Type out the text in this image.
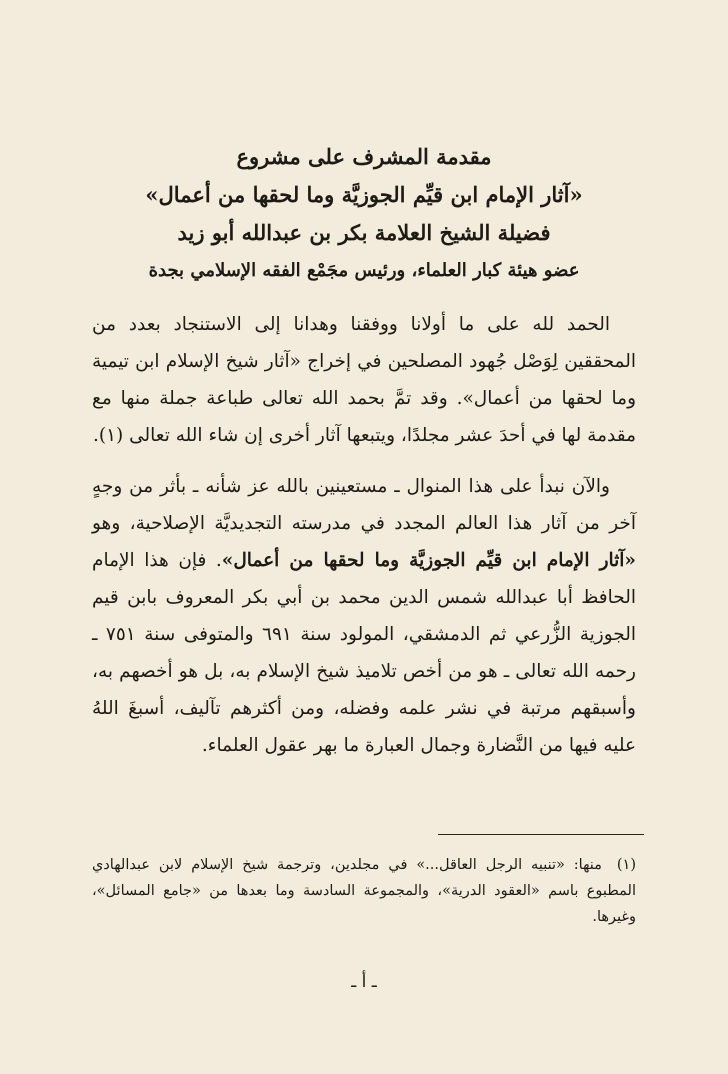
مقدمة المشرف على مشروع

«آثار الإمام ابن قيِّم الجوزيَّة وما لحقها من أعمال»

فضيلة الشيخ العلامة بكر بن عبدالله أبو زيد

عضو هيئة كبار العلماء، ورئيس مجَمْع الفقه الإسلامي بجدة

الحمد لله على ما أولانا ووفقنا وهدانا إلى الاستنجاد بعدد من المحققين لِوَصْل جُهود المصلحين في إخراج «آثار شيخ الإسلام ابن تيمية وما لحقها من أعمال». وقد تمَّ بحمد الله تعالى طباعة جملة منها مع مقدمة لها في أحدَ عشر مجلدًا، ويتبعها آثار أخرى إن شاء الله تعالى (١).

والآن نبدأ على هذا المنوال ـ مستعينين بالله عز شأنه ـ بأثر من وجهٍ آخر من آثار هذا العالم المجدد في مدرسته التجديديَّة الإصلاحية، وهو «آثار الإمام ابن قيِّم الجوزيَّة وما لحقها من أعمال». فإن هذا الإمام الحافظ أبا عبدالله شمس الدين محمد بن أبي بكر المعروف بابن قيم الجوزية الزُّرعي ثم الدمشقي، المولود سنة ٦٩١ والمتوفى سنة ٧٥١ ـ رحمه الله تعالى ـ هو من أخص تلاميذ شيخ الإسلام به، بل هو أخصهم به، وأسبقهم مرتبة في نشر علمه وفضله، ومن أكثرهم تآليف، أسبغَ اللهُ عليه فيها من النَّضارة وجمال العبارة ما بهر عقول العلماء.

(١) منها: «تنبيه الرجل العاقل...» في مجلدين، وترجمة شيخ الإسلام لابن عبدالهادي المطبوع باسم «العقود الدرية»، والمجموعة السادسة وما بعدها من «جامع المسائل»، وغيرها.
ـ أ ـ
